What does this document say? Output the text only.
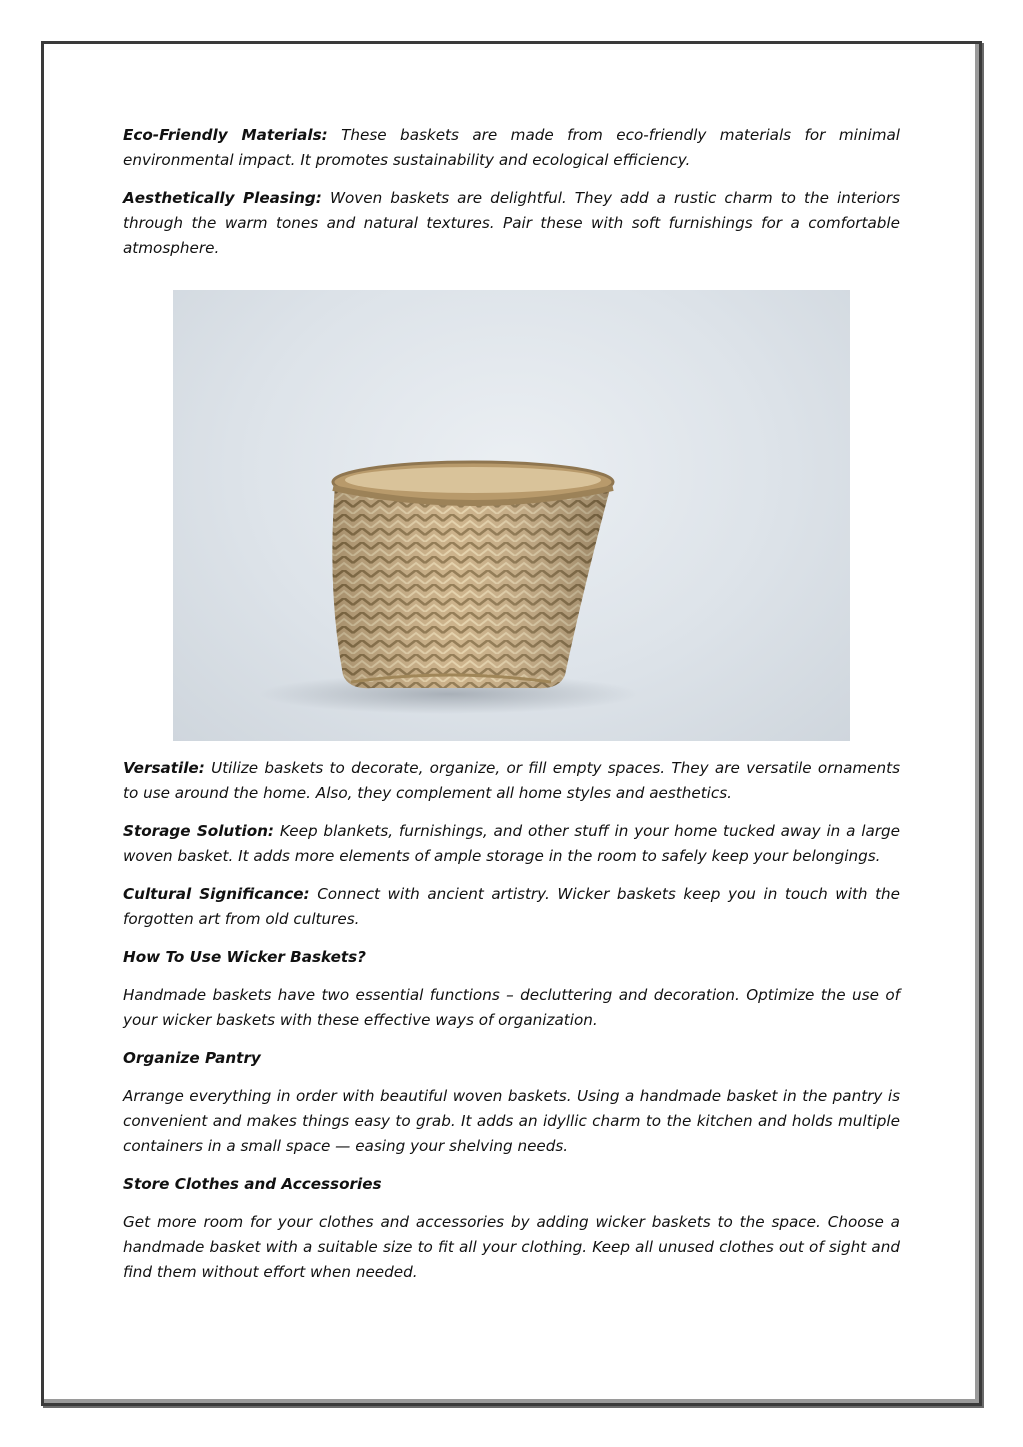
Eco-Friendly Materials: These baskets are made from eco-friendly materials for minimal environmental impact. It promotes sustainability and ecological efficiency.

Aesthetically Pleasing: Woven baskets are delightful. They add a rustic charm to the interiors through the warm tones and natural textures. Pair these with soft furnishings for a comfortable atmosphere.

Versatile: Utilize baskets to decorate, organize, or fill empty spaces. They are versatile ornaments to use around the home. Also, they complement all home styles and aesthetics.

Storage Solution: Keep blankets, furnishings, and other stuff in your home tucked away in a large woven basket. It adds more elements of ample storage in the room to safely keep your belongings.

Cultural Significance: Connect with ancient artistry. Wicker baskets keep you in touch with the forgotten art from old cultures.

How To Use Wicker Baskets?

Handmade baskets have two essential functions – decluttering and decoration. Optimize the use of your wicker baskets with these effective ways of organization.

Organize Pantry

Arrange everything in order with beautiful woven baskets. Using a handmade basket in the pantry is convenient and makes things easy to grab. It adds an idyllic charm to the kitchen and holds multiple containers in a small space — easing your shelving needs.

Store Clothes and Accessories

Get more room for your clothes and accessories by adding wicker baskets to the space. Choose a handmade basket with a suitable size to fit all your clothing. Keep all unused clothes out of sight and find them without effort when needed.
